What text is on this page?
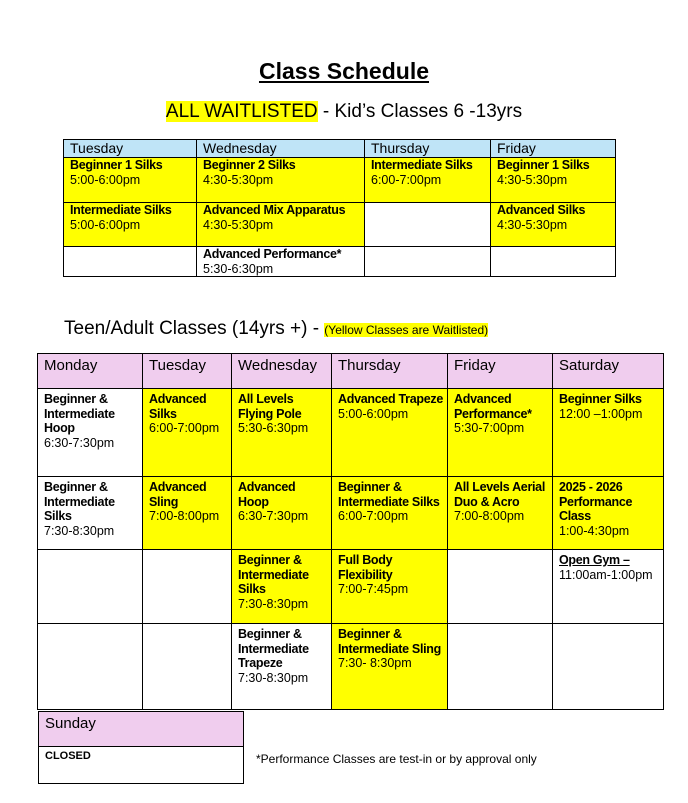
Class Schedule
ALL WAITLISTED - Kid’s Classes 6 -13yrs
Tuesday	Wednesday	Thursday	Friday

Beginner 1 Silks
5:00-6:00pm	Beginner 2 Silks
4:30-5:30pm	Intermediate Silks
6:00-7:00pm	Beginner 1 Silks
4:30-5:30pm

Intermediate Silks
5:00-6:00pm	Advanced Mix Apparatus
4:30-5:30pm		Advanced Silks
4:30-5:30pm

	Advanced Performance*
5:30-6:30pm		

Teen/Adult Classes (14yrs +) - (Yellow Classes are Waitlisted)
Monday	Tuesday	Wednesday	Thursday	Friday	Saturday

Beginner & Intermediate Hoop
6:30-7:30pm	Advanced Silks
6:00-7:00pm	All Levels Flying Pole
5:30-6:30pm	Advanced Trapeze
5:00-6:00pm	Advanced Performance*
5:30-7:00pm	Beginner Silks
12:00 –1:00pm

Beginner & Intermediate Silks
7:30-8:30pm	Advanced Sling
7:00-8:00pm	Advanced Hoop
6:30-7:30pm	Beginner & Intermediate Silks
6:00-7:00pm	All Levels Aerial Duo & Acro
7:00-8:00pm	2025 - 2026 Performance Class
1:00-4:30pm

		Beginner & Intermediate Silks
7:30-8:30pm	Full Body Flexibility
7:00-7:45pm		Open Gym –
11:00am-1:00pm

		Beginner & Intermediate Trapeze
7:30-8:30pm	Beginner & Intermediate Sling
7:30- 8:30pm		

Sunday
CLOSED	*Performance Classes are test-in or by approval only
